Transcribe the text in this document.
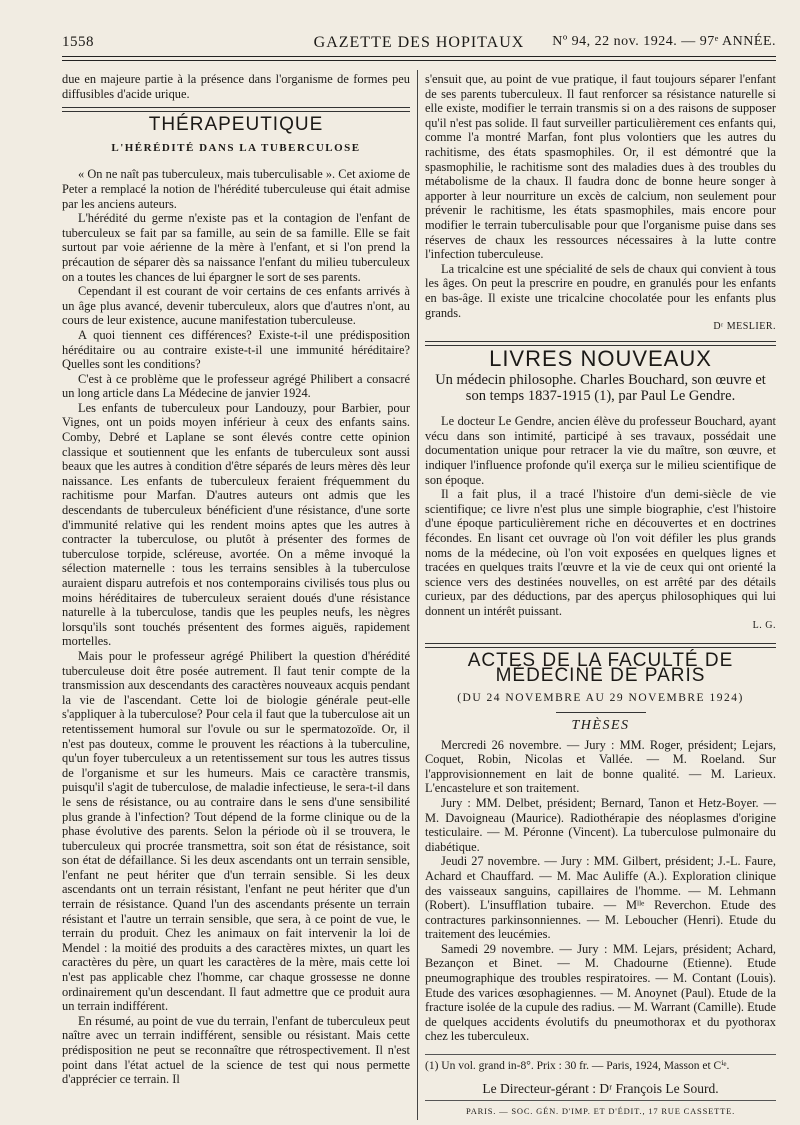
1558	GAZETTE DES HOPITAUX	Nº 94, 22 nov. 1924. — 97ᵉ ANNÉE.

due en majeure partie à la présence dans l'organisme de formes peu diffusibles d'acide urique.

THÉRAPEUTIQUE
L'HÉRÉDITÉ DANS LA TUBERCULOSE

« On ne naît pas tuberculeux, mais tuberculisable ». Cet axiome de Peter a remplacé la notion de l'hérédité tuberculeuse qui était admise par les anciens auteurs.

L'hérédité du germe n'existe pas et la contagion de l'enfant de tuberculeux se fait par sa famille, au sein de sa famille. Elle se fait surtout par voie aérienne de la mère à l'enfant, et si l'on prend la précaution de séparer dès sa naissance l'enfant du milieu tuberculeux on a toutes les chances de lui épargner le sort de ses parents.

Cependant il est courant de voir certains de ces enfants arrivés à un âge plus avancé, devenir tuberculeux, alors que d'autres n'ont, au cours de leur existence, aucune manifestation tuberculeuse.

A quoi tiennent ces différences? Existe-t-il une prédisposition héréditaire ou au contraire existe-t-il une immunité héréditaire? Quelles sont les conditions?

C'est à ce problème que le professeur agrégé Philibert a consacré un long article dans La Médecine de janvier 1924.

Les enfants de tuberculeux pour Landouzy, pour Barbier, pour Vignes, ont un poids moyen inférieur à ceux des enfants sains. Comby, Debré et Laplane se sont élevés contre cette opinion classique et soutiennent que les enfants de tuberculeux sont aussi beaux que les autres à condition d'être séparés de leurs mères dès leur naissance. Les enfants de tuberculeux feraient fréquemment du rachitisme pour Marfan. D'autres auteurs ont admis que les descendants de tuberculeux bénéficient d'une résistance, d'une sorte d'immunité relative qui les rendent moins aptes que les autres à contracter la tuberculose, ou plutôt à présenter des formes de tuberculose torpide, scléreuse, avortée. On a même invoqué la sélection maternelle : tous les terrains sensibles à la tuberculose auraient disparu autrefois et nos contemporains civilisés tous plus ou moins héréditaires de tuberculeux seraient doués d'une résistance naturelle à la tuberculose, tandis que les peuples neufs, les nègres lorsqu'ils sont touchés présentent des formes aiguës, rapidement mortelles.

Mais pour le professeur agrégé Philibert la question d'hérédité tuberculeuse doit être posée autrement. Il faut tenir compte de la transmission aux descendants des caractères nouveaux acquis pendant la vie de l'ascendant. Cette loi de biologie générale peut-elle s'appliquer à la tuberculose? Pour cela il faut que la tuberculose ait un retentissement humoral sur l'ovule ou sur le spermatozoïde. Or, il n'est pas douteux, comme le prouvent les réactions à la tuberculine, qu'un foyer tuberculeux a un retentissement sur tous les autres tissus de l'organisme et sur les humeurs. Mais ce caractère transmis, puisqu'il s'agit de tuberculose, de maladie infectieuse, le sera-t-il dans le sens de résistance, ou au contraire dans le sens d'une sensibilité plus grande à l'infection? Tout dépend de la forme clinique ou de la phase évolutive des parents. Selon la période où il se trouvera, le tuberculeux qui procrée transmettra, soit son état de résistance, soit son état de défaillance. Si les deux ascendants ont un terrain sensible, l'enfant ne peut hériter que d'un terrain sensible. Si les deux ascendants ont un terrain résistant, l'enfant ne peut hériter que d'un terrain de résistance. Quand l'un des ascendants présente un terrain résistant et l'autre un terrain sensible, que sera, à ce point de vue, le terrain du produit. Chez les animaux on fait intervenir la loi de Mendel : la moitié des produits a des caractères mixtes, un quart les caractères du père, un quart les caractères de la mère, mais cette loi n'est pas applicable chez l'homme, car chaque grossesse ne donne ordinairement qu'un descendant. Il faut admettre que ce produit aura un terrain indifférent.

En résumé, au point de vue du terrain, l'enfant de tuberculeux peut naître avec un terrain indifférent, sensible ou résistant. Mais cette prédisposition ne peut se reconnaître que rétrospectivement. Il n'est point dans l'état actuel de la science de test qui nous permette d'apprécier ce terrain. Il

s'ensuit que, au point de vue pratique, il faut toujours séparer l'enfant de ses parents tuberculeux. Il faut renforcer sa résistance naturelle si elle existe, modifier le terrain transmis si on a des raisons de supposer qu'il n'est pas solide. Il faut surveiller particulièrement ces enfants qui, comme l'a montré Marfan, font plus volontiers que les autres du rachitisme, des états spasmophiles. Or, il est démontré que la spasmophilie, le rachitisme sont des maladies dues à des troubles du métabolisme de la chaux. Il faudra donc de bonne heure songer à apporter à leur nourriture un excès de calcium, non seulement pour prévenir le rachitisme, les états spasmophiles, mais encore pour modifier le terrain tuberculisable pour que l'organisme puise dans ses réserves de chaux les ressources nécessaires à la lutte contre l'infection tuberculeuse.

La tricalcine est une spécialité de sels de chaux qui convient à tous les âges. On peut la prescrire en poudre, en granulés pour les enfants en bas-âge. Il existe une tricalcine chocolatée pour les enfants plus grands.

Dʳ MESLIER.
LIVRES NOUVEAUX
Un médecin philosophe. Charles Bouchard, son œuvre et son temps 1837-1915 (1), par Paul Le Gendre.

Le docteur Le Gendre, ancien élève du professeur Bouchard, ayant vécu dans son intimité, participé à ses travaux, possédait une documentation unique pour retracer la vie du maître, son œuvre, et indiquer l'influence profonde qu'il exerça sur le milieu scientifique de son époque.

Il a fait plus, il a tracé l'histoire d'un demi-siècle de vie scientifique; ce livre n'est plus une simple biographie, c'est l'histoire d'une époque particulièrement riche en découvertes et en doctrines fécondes. En lisant cet ouvrage où l'on voit défiler les plus grands noms de la médecine, où l'on voit exposées en quelques lignes et tracées en quelques traits l'œuvre et la vie de ceux qui ont orienté la science vers des destinées nouvelles, on est arrêté par des détails curieux, par des déductions, par des aperçus philosophiques qui lui donnent un intérêt puissant.

L. G.
ACTES DE LA FACULTÉ DE MÉDECINE DE PARIS
(DU 24 NOVEMBRE AU 29 NOVEMBRE 1924)
THÈSES

Mercredi 26 novembre. — Jury : MM. Roger, président; Lejars, Coquet, Robin, Nicolas et Vallée. — M. Roeland. Sur l'approvisionnement en lait de bonne qualité. — M. Larieux. L'encastelure et son traitement.

Jury : MM. Delbet, président; Bernard, Tanon et Hetz-Boyer. — M. Davoigneau (Maurice). Radiothérapie des néoplasmes d'origine testiculaire. — M. Péronne (Vincent). La tuberculose pulmonaire du diabétique.

Jeudi 27 novembre. — Jury : MM. Gilbert, président; J.-L. Faure, Achard et Chauffard. — M. Mac Auliffe (A.). Exploration clinique des vaisseaux sanguins, capillaires de l'homme. — M. Lehmann (Robert). L'insufflation tubaire. — Mˡˡᵉ Reverchon. Etude des contractures parkinsonniennes. — M. Leboucher (Henri). Etude du traitement des leucémies.

Samedi 29 novembre. — Jury : MM. Lejars, président; Achard, Bezançon et Binet. — M. Chadourne (Etienne). Etude pneumographique des troubles respiratoires. — M. Contant (Louis). Etude des varices œsophagiennes. — M. Anoynet (Paul). Etude de la fracture isolée de la cupule des radius. — M. Warrant (Camille). Etude de quelques accidents évolutifs du pneumothorax et du pyothorax chez les tuberculeux.

(1) Un vol. grand in-8°. Prix : 30 fr. — Paris, 1924, Masson et Cⁱᵉ.
Le Directeur-gérant : Dʳ François Le Sourd.
PARIS. — SOC. GÉN. D'IMP. ET D'ÉDIT., 17 RUE CASSETTE.
